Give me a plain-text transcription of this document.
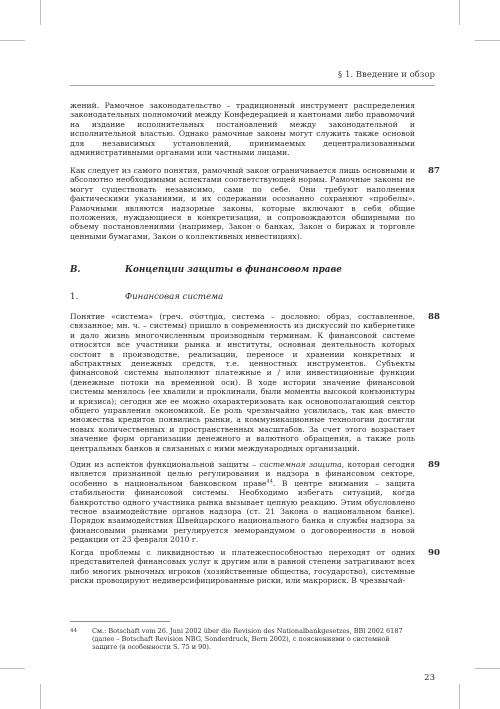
§ 1. Введение и обзор

жений. Рамочное законодательство – традиционный инструмент распределения законодательных полномочий между Конфедерацией и кантонами либо правомочий на издание исполнительных постановлений между законодательной и исполнительной властью. Однако рамочные законы могут служить также основой для независимых установлений, принимаемых децентрализованными административными органами или частными лицами.

87

Как следует из самого понятия, рамочный закон ограничивается лишь основными и абсолютно необходимыми аспектами соответствующей нормы. Рамочные законы не могут существовать независимо, сами по себе. Они требуют наполнения фактическими указаниями, и их содержании осознанно сохраняют «пробелы». Рамочными являются надзорные законы, которые включают в себя общие положения, нуждающиеся в конкретизации, и сопровождаются обширными по объему постановлениями (например, Закон о банках, Закон о биржах и торговле ценными бумагами, Закон о коллективных инвестициях).

B.	Концепции защиты в финансовом праве
1.	Финансовая система
88

Понятие «система» (греч. σύστημα, система – дословно: образ, составленное, связанное; мн. ч. – системы) пришло в современность из дискуссий по кибернетике и дало жизнь многочисленным производным терминам. К финансовой системе относятся все участники рынка и институты, основная деятельность которых состоит в производстве, реализации, переносе и хранении конкретных и абстрактных денежных средств, т.е. ценностных инструментов. Субъекты финансовой системы выполняют платежные и / или инвестиционные функции (денежные потоки на временной оси). В ходе истории значение финансовой системы менялось (ее хвалили и проклинали, были моменты высокой конъюнктуры и кризиса); сегодня же ее можно охарактеризовать как основополагающий сектор общего управления экономикой. Ее роль чрезвычайно усилилась, так как вместо множества кредитов появились рынки, а коммуникационные технологии достигли новых количественных и пространственных масштабов. За счет этого возрастает значение форм организации денежного и валютного обращения, а также роль центральных банков и связанных с ними международных организаций.

89

Один из аспектов функциональной защиты – системная защита, которая сегодня является признанной целью регулирования и надзора в финансовом секторе, особенно в национальном банковском праве$^{44}$. В центре внимания – защита стабильности финансовой системы. Необходимо избегать ситуаций, когда банкротство одного участника рынка вызывает цепную реакцию. Этим обусловлено тесное взаимодействие органов надзора (ст. 21 Закона о национальном банке). Порядок взаимодействия Швейцарского национального банка и службы надзора за финансовыми рынками регулируется меморандумом о договоренности в новой редакции от 23 февраля 2010 г.

90

Когда проблемы с ликвидностью и платежеспособностью переходят от одних представителей финансовых услуг к другим или в равной степени затрагивают всех либо многих рыночных игроков (хозяйственные общества, государство), системные риски провоцируют недиверсифицированные риски, или макрориск. В чрезвычай-

44 См.: Botschaft vom 26. Juni 2002 über die Revision des Nationalbankgesetzes, BBl 2002 6187 (далее – Botschaft Revision NBG, Sonderdruck, Bern 2002), с пояснениями о системной защите (в особенности S. 75 и 90).
23
